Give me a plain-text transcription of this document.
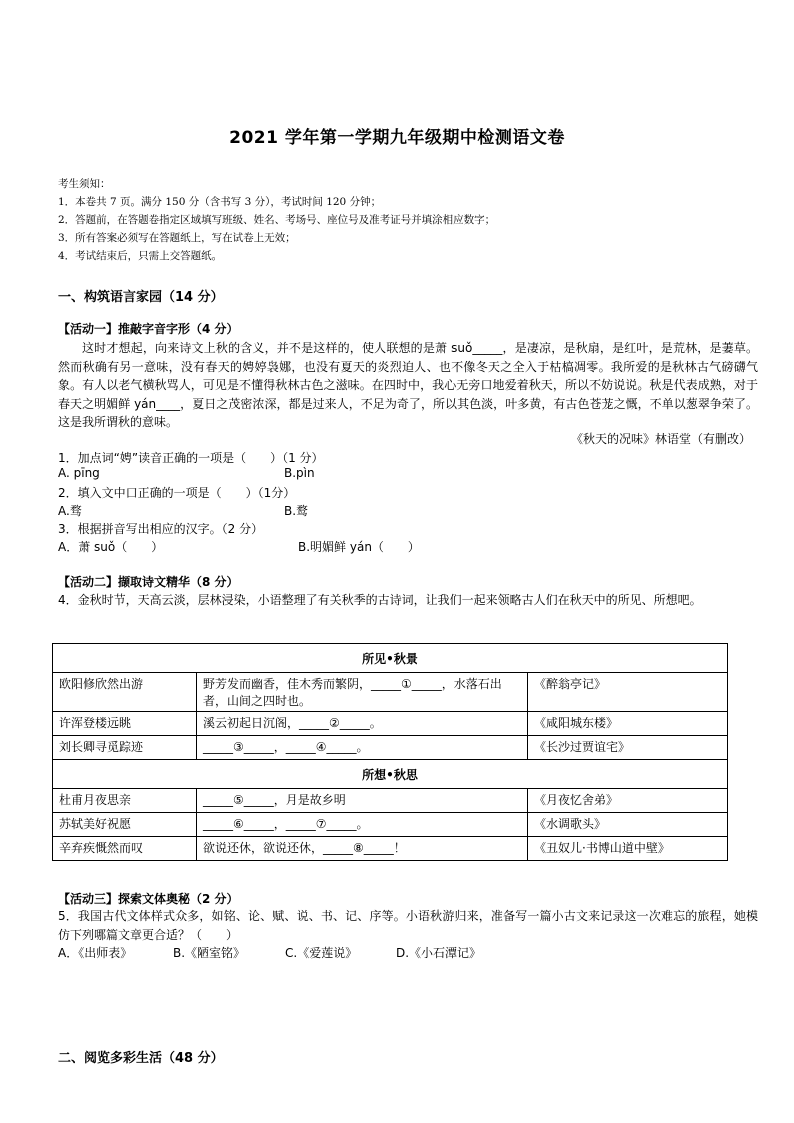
2021 学年第一学期九年级期中检测语文卷
考生须知：
1．本卷共 7 页。满分 150 分（含书写 3 分），考试时间 120 分钟；
2．答题前，在答题卷指定区域填写班级、姓名、考场号、座位号及准考证号并填涂相应数字；
3．所有答案必须写在答题纸上，写在试卷上无效；
4．考试结束后，只需上交答题纸。
一、构筑语言家园（14 分）
【活动一】推敲字音字形（4 分）
这时才想起，向来诗文上秋的含义，并不是这样的，使人联想的是萧 suǒ_____，是凄凉，是秋扇，是红叶，是荒林，是萋草。然而秋确有另一意味，没有春天的娉婷袅娜，也没有夏天的炎烈迫人、也不像冬天之全入于枯槁凋零。我所爱的是秋林古气磅礴气象。有人以老气横秋骂人，可见是不懂得秋林古色之滋味。在四时中，我心无旁口地爱着秋天，所以不妨说说。秋是代表成熟，对于春天之明媚鲜 yán____，夏日之茂密浓深，都是过来人，不足为奇了，所以其色淡，叶多黄，有古色苍茏之慨，不单以葱翠争荣了。这是我所谓秋的意味。
《秋天的况味》林语堂（有删改）
1．加点词“娉”读音正确的一项是（　　）（1 分）
A. pīng	B.pìn
2．填入文中口正确的一项是（　　）（1分）
A.骛	B.鹜
3．根据拼音写出相应的汉字。（2 分）
A．萧 suǒ（　　）	B.明媚鲜 yán（　　）
【活动二】撷取诗文精华（8 分）
4．金秋时节，天高云淡，层林浸染，小语整理了有关秋季的古诗词，让我们一起来领略古人们在秋天中的所见、所想吧。
所见•秋景		
欧阳修欣然出游	野芳发而幽香，佳木秀而繁阴，_____①_____，水落石出者，山间之四时也。	《醉翁亭记》
许浑登楼远眺	溪云初起日沉阁，_____②_____。	《咸阳城东楼》
刘长卿寻觅踪迹	_____③_____，_____④_____。	《长沙过贾谊宅》
所想•秋思		
杜甫月夜思亲	_____⑤_____，月是故乡明	《月夜忆舍弟》
苏轼美好祝愿	_____⑥_____，_____⑦_____。	《水调歌头》
辛弃疾慨然而叹	欲说还休，欲说还休，_____⑧_____！	《丑奴儿·书博山道中壁》
【活动三】探索文体奥秘（2 分）
5．我国古代文体样式众多，如铭、论、赋、说、书、记、序等。小语秋游归来，准备写一篇小古文来记录这一次难忘的旅程，她模仿下列哪篇文章更合适？（　　）
A．《出师表》	B.《陋室铭》	C.《爱莲说》	D.《小石潭记》
二、阅览多彩生活（48 分）
